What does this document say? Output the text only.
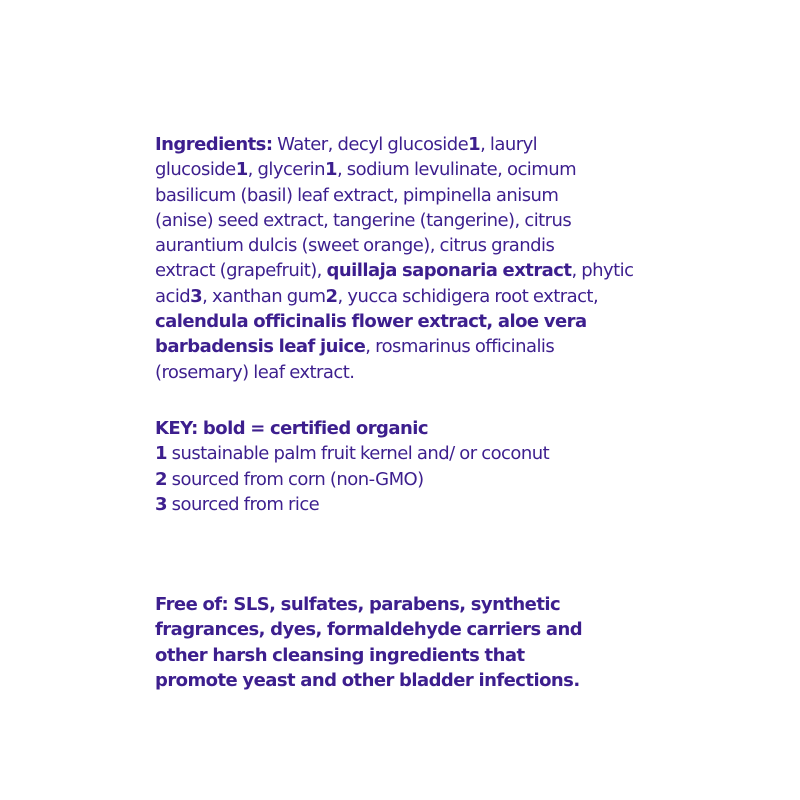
Ingredients: Water, decyl glucoside1, lauryl
glucoside1, glycerin1, sodium levulinate, ocimum
basilicum (basil) leaf extract, pimpinella anisum
(anise) seed extract, tangerine (tangerine), citrus
aurantium dulcis (sweet orange), citrus grandis
extract (grapefruit), quillaja saponaria extract, phytic
acid3, xanthan gum2, yucca schidigera root extract,
calendula officinalis flower extract, aloe vera
barbadensis leaf juice, rosmarinus officinalis
(rosemary) leaf extract.
KEY: bold = certified organic
1 sustainable palm fruit kernel and/ or coconut
2 sourced from corn (non-GMO)
3 sourced from rice
Free of: SLS, sulfates, parabens, synthetic
fragrances, dyes, formaldehyde carriers and
other harsh cleansing ingredients that
promote yeast and other bladder infections.
